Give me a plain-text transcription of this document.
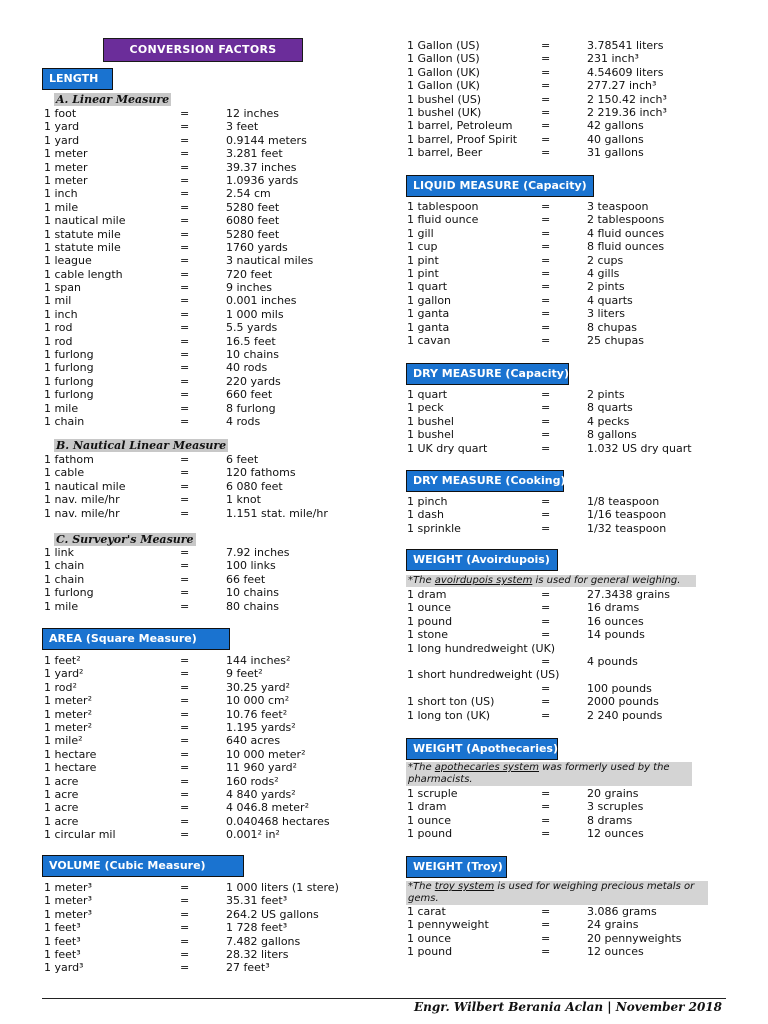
CONVERSION FACTORS
LENGTH
A. Linear Measure
1 foot	=	12 inches
1 yard	=	3 feet
1 yard	=	0.9144 meters
1 meter	=	3.281 feet
1 meter	=	39.37 inches
1 meter	=	1.0936 yards
1 inch	=	2.54 cm
1 mile	=	5280 feet
1 nautical mile	=	6080 feet
1 statute mile	=	5280 feet
1 statute mile	=	1760 yards
1 league	=	3 nautical miles
1 cable length	=	720 feet
1 span	=	9 inches
1 mil	=	0.001 inches
1 inch	=	1 000 mils
1 rod	=	5.5 yards
1 rod	=	16.5 feet
1 furlong	=	10 chains
1 furlong	=	40 rods
1 furlong	=	220 yards
1 furlong	=	660 feet
1 mile	=	8 furlong
1 chain	=	4 rods
B. Nautical Linear Measure
1 fathom	=	6 feet
1 cable	=	120 fathoms
1 nautical mile	=	6 080 feet
1 nav. mile/hr	=	1 knot
1 nav. mile/hr	=	1.151 stat. mile/hr
C. Surveyor's Measure
1 link	=	7.92 inches
1 chain	=	100 links
1 chain	=	66 feet
1 furlong	=	10 chains
1 mile	=	80 chains
AREA (Square Measure)
1 feet²	=	144 inches²
1 yard²	=	9 feet²
1 rod²	=	30.25 yard²
1 meter²	=	10 000 cm²
1 meter²	=	10.76 feet²
1 meter²	=	1.195 yards²
1 mile²	=	640 acres
1 hectare	=	10 000 meter²
1 hectare	=	11 960 yard²
1 acre	=	160 rods²
1 acre	=	4 840 yards²
1 acre	=	4 046.8 meter²
1 acre	=	0.040468 hectares
1 circular mil	=	0.001² in²
VOLUME (Cubic Measure)
1 meter³	=	1 000 liters (1 stere)
1 meter³	=	35.31 feet³
1 meter³	=	264.2 US gallons
1 feet³	=	1 728 feet³
1 feet³	=	7.482 gallons
1 feet³	=	28.32 liters
1 yard³	=	27 feet³
1 Gallon (US)	=	3.78541 liters
1 Gallon (US)	=	231 inch³
1 Gallon (UK)	=	4.54609 liters
1 Gallon (UK)	=	277.27 inch³
1 bushel (US)	=	2 150.42 inch³
1 bushel (UK)	=	2 219.36 inch³
1 barrel, Petroleum	=	42 gallons
1 barrel, Proof Spirit =	40 gallons
1 barrel, Beer	=	31 gallons
LIQUID MEASURE (Capacity)
1 tablespoon	=	3 teaspoon
1 fluid ounce	=	2 tablespoons
1 gill	=	4 fluid ounces
1 cup	=	8 fluid ounces
1 pint	=	2 cups
1 pint	=	4 gills
1 quart	=	2 pints
1 gallon	=	4 quarts
1 ganta	=	3 liters
1 ganta	=	8 chupas
1 cavan	=	25 chupas
DRY MEASURE (Capacity)
1 quart	=	2 pints
1 peck	=	8 quarts
1 bushel	=	4 pecks
1 bushel	=	8 gallons
1 UK dry quart	=	1.032 US dry quart
DRY MEASURE (Cooking)
1 pinch	=	1/8 teaspoon
1 dash	=	1/16 teaspoon
1 sprinkle	=	1/32 teaspoon
WEIGHT (Avoirdupois)
*The avoirdupois system is used for general weighing.
1 dram	=	27.3438 grains
1 ounce	=	16 drams
1 pound	=	16 ounces
1 stone	=	14 pounds
1 long hundredweight (UK)
=	4 pounds
1 short hundredweight (US)
=	100 pounds
1 short ton (US)	=	2000 pounds
1 long ton (UK)	=	2 240 pounds
WEIGHT (Apothecaries)
*The apothecaries system was formerly used by the pharmacists.
1 scruple	=	20 grains
1 dram	=	3 scruples
1 ounce	=	8 drams
1 pound	=	12 ounces
WEIGHT (Troy)
*The troy system is used for weighing precious metals or gems.
1 carat	=	3.086 grams
1 pennyweight	=	24 grains
1 ounce	=	20 pennyweights
1 pound	=	12 ounces
Engr. Wilbert Berania Aclan | November 2018
